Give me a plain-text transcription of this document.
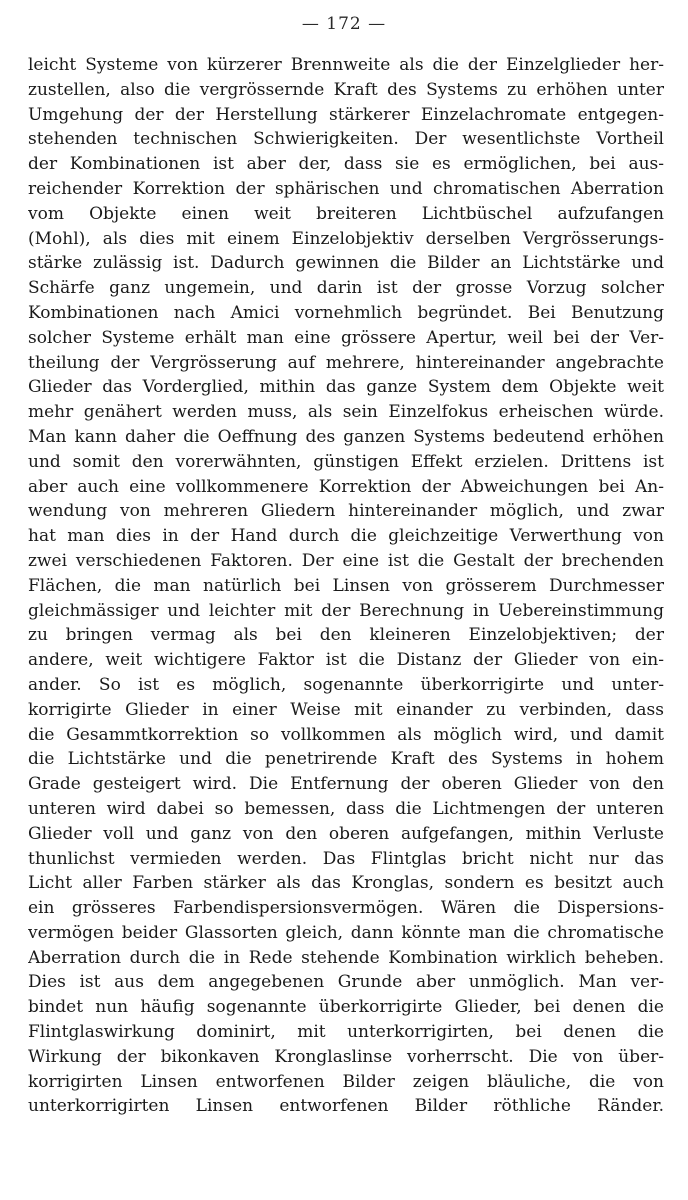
— 172 —
leicht Systeme von kürzerer Brennweite als die der Einzelglieder her-
zustellen, also die vergrössernde Kraft des Systems zu erhöhen unter
Umgehung der der Herstellung stärkerer Einzelachromate entgegen-
stehenden technischen Schwierigkeiten. Der wesentlichste Vortheil
der Kombinationen ist aber der, dass sie es ermöglichen, bei aus-
reichender Korrektion der sphärischen und chromatischen Aberration
vom Objekte einen weit breiteren Lichtbüschel aufzufangen
(Mohl), als dies mit einem Einzelobjektiv derselben Vergrösserungs-
stärke zulässig ist. Dadurch gewinnen die Bilder an Lichtstärke und
Schärfe ganz ungemein, und darin ist der grosse Vorzug solcher
Kombinationen nach Amici vornehmlich begründet. Bei Benutzung
solcher Systeme erhält man eine grössere Apertur, weil bei der Ver-
theilung der Vergrösserung auf mehrere, hintereinander angebrachte
Glieder das Vorderglied, mithin das ganze System dem Objekte weit
mehr genähert werden muss, als sein Einzelfokus erheischen würde.
Man kann daher die Oeffnung des ganzen Systems bedeutend erhöhen
und somit den vorerwähnten, günstigen Effekt erzielen. Drittens ist
aber auch eine vollkommenere Korrektion der Abweichungen bei An-
wendung von mehreren Gliedern hintereinander möglich, und zwar
hat man dies in der Hand durch die gleichzeitige Verwerthung von
zwei verschiedenen Faktoren. Der eine ist die Gestalt der brechenden
Flächen, die man natürlich bei Linsen von grösserem Durchmesser
gleichmässiger und leichter mit der Berechnung in Uebereinstimmung
zu bringen vermag als bei den kleineren Einzelobjektiven; der
andere, weit wichtigere Faktor ist die Distanz der Glieder von ein-
ander. So ist es möglich, sogenannte überkorrigirte und unter-
korrigirte Glieder in einer Weise mit einander zu verbinden, dass
die Gesammtkorrektion so vollkommen als möglich wird, und damit
die Lichtstärke und die penetrirende Kraft des Systems in hohem
Grade gesteigert wird. Die Entfernung der oberen Glieder von den
unteren wird dabei so bemessen, dass die Lichtmengen der unteren
Glieder voll und ganz von den oberen aufgefangen, mithin Verluste
thunlichst vermieden werden. Das Flintglas bricht nicht nur das
Licht aller Farben stärker als das Kronglas, sondern es besitzt auch
ein grösseres Farbendispersionsvermögen. Wären die Dispersions-
vermögen beider Glassorten gleich, dann könnte man die chromatische
Aberration durch die in Rede stehende Kombination wirklich beheben.
Dies ist aus dem angegebenen Grunde aber unmöglich. Man ver-
bindet nun häufig sogenannte überkorrigirte Glieder, bei denen die
Flintglaswirkung dominirt, mit unterkorrigirten, bei denen die
Wirkung der bikonkaven Kronglaslinse vorherrscht. Die von über-
korrigirten Linsen entworfenen Bilder zeigen bläuliche, die von
unterkorrigirten Linsen entworfenen Bilder röthliche Ränder.
